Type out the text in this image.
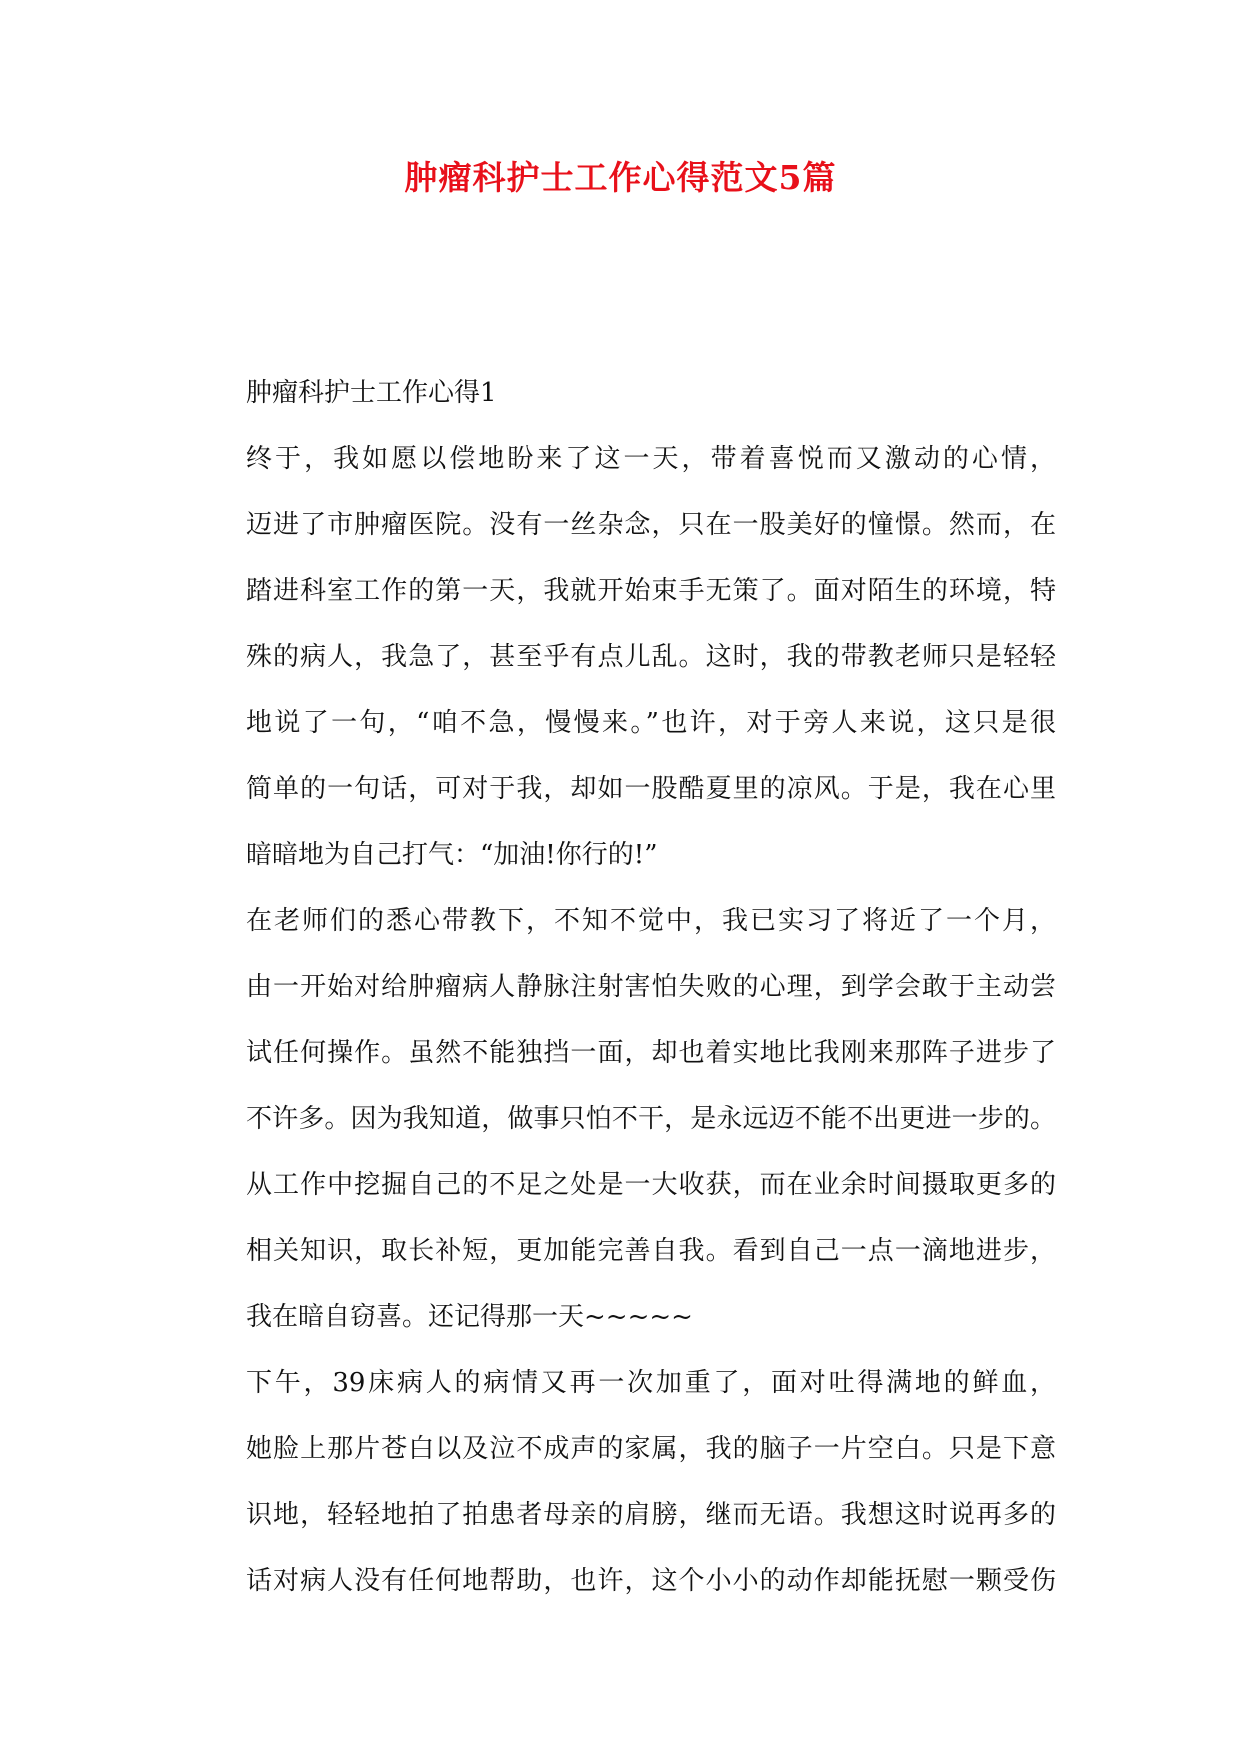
肿瘤科护士工作心得范文5篇

肿瘤科护士工作心得1

终于，我如愿以偿地盼来了这一天，带着喜悦而又激动的心情，
迈进了市肿瘤医院。没有一丝杂念，只在一股美好的憧憬。然而，在
踏进科室工作的第一天，我就开始束手无策了。面对陌生的环境，特
殊的病人，我急了，甚至乎有点儿乱。这时，我的带教老师只是轻轻
地说了一句，“咱不急，慢慢来。”也许，对于旁人来说，这只是很
简单的一句话，可对于我，却如一股酷夏里的凉风。于是，我在心里
暗暗地为自己打气：“加油!你行的!”
在老师们的悉心带教下，不知不觉中，我已实习了将近了一个月，
由一开始对给肿瘤病人静脉注射害怕失败的心理，到学会敢于主动尝
试任何操作。虽然不能独挡一面，却也着实地比我刚来那阵子进步了
不许多。因为我知道，做事只怕不干，是永远迈不能不出更进一步的。
从工作中挖掘自己的不足之处是一大收获，而在业余时间摄取更多的
相关知识，取长补短，更加能完善自我。看到自己一点一滴地进步，
我在暗自窃喜。还记得那一天~~~~~
下午，39床病人的病情又再一次加重了，面对吐得满地的鲜血，
她脸上那片苍白以及泣不成声的家属，我的脑子一片空白。只是下意
识地，轻轻地拍了拍患者母亲的肩膀，继而无语。我想这时说再多的
话对病人没有任何地帮助，也许，这个小小的动作却能抚慰一颗受伤
